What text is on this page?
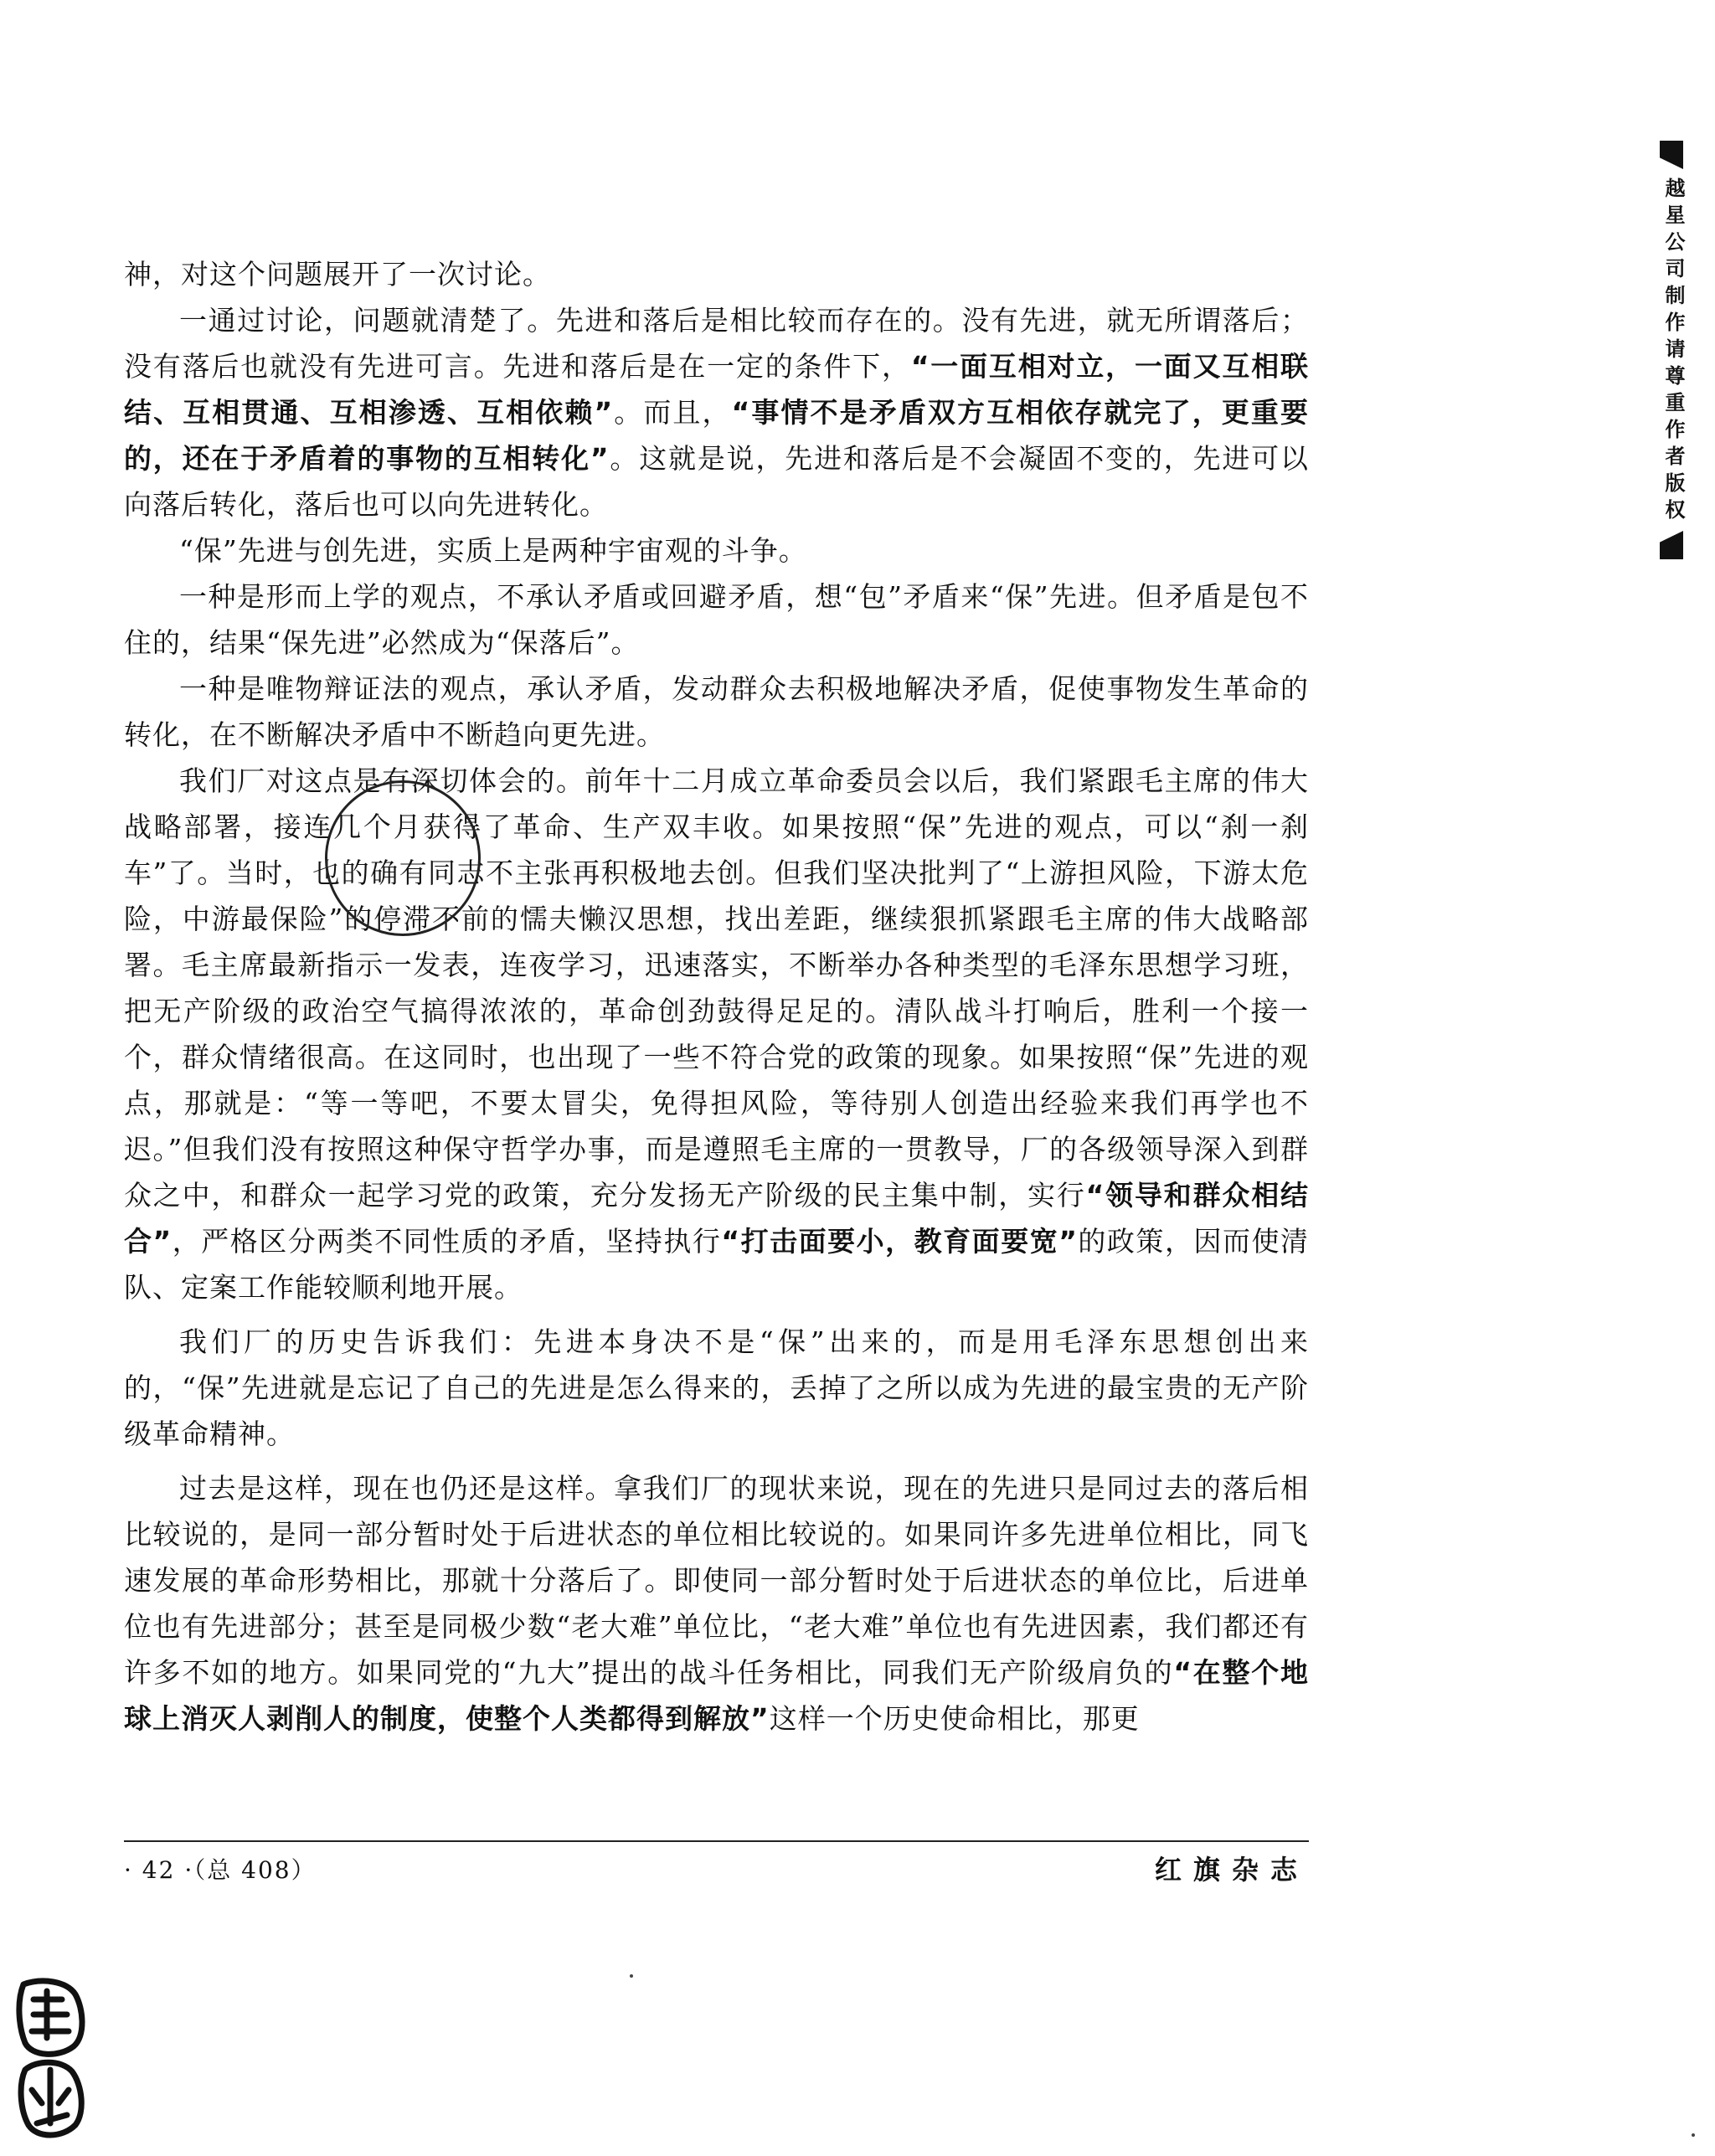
越星公司制作请尊重作者版权

神，对这个问题展开了一次讨论。

一通过讨论，问题就清楚了。先进和落后是相比较而存在的。没有先进，就无所谓落后；没有落后也就没有先进可言。先进和落后是在一定的条件下，“一面互相对立，一面又互相联结、互相贯通、互相渗透、互相依赖”。而且，“事情不是矛盾双方互相依存就完了，更重要的，还在于矛盾着的事物的互相转化”。这就是说，先进和落后是不会凝固不变的，先进可以向落后转化，落后也可以向先进转化。

“保”先进与创先进，实质上是两种宇宙观的斗争。

一种是形而上学的观点，不承认矛盾或回避矛盾，想“包”矛盾来“保”先进。但矛盾是包不住的，结果“保先进”必然成为“保落后”。

一种是唯物辩证法的观点，承认矛盾，发动群众去积极地解决矛盾，促使事物发生革命的转化，在不断解决矛盾中不断趋向更先进。

我们厂对这点是有深切体会的。前年十二月成立革命委员会以后，我们紧跟毛主席的伟大战略部署，接连几个月获得了革命、生产双丰收。如果按照“保”先进的观点，可以“刹一刹车”了。当时，也的确有同志不主张再积极地去创。但我们坚决批判了“上游担风险，下游太危险，中游最保险”的停滞不前的懦夫懒汉思想，找出差距，继续狠抓紧跟毛主席的伟大战略部署。毛主席最新指示一发表，连夜学习，迅速落实，不断举办各种类型的毛泽东思想学习班，把无产阶级的政治空气搞得浓浓的，革命创劲鼓得足足的。清队战斗打响后，胜利一个接一个，群众情绪很高。在这同时，也出现了一些不符合党的政策的现象。如果按照“保”先进的观点，那就是：“等一等吧，不要太冒尖，免得担风险，等待别人创造出经验来我们再学也不迟。”但我们没有按照这种保守哲学办事，而是遵照毛主席的一贯教导，厂的各级领导深入到群众之中，和群众一起学习党的政策，充分发扬无产阶级的民主集中制，实行“领导和群众相结合”，严格区分两类不同性质的矛盾，坚持执行“打击面要小，教育面要宽”的政策，因而使清队、定案工作能较顺利地开展。

我们厂的历史告诉我们：先进本身决不是“保”出来的，而是用毛泽东思想创出来的，“保”先进就是忘记了自己的先进是怎么得来的，丢掉了之所以成为先进的最宝贵的无产阶级革命精神。

过去是这样，现在也仍还是这样。拿我们厂的现状来说，现在的先进只是同过去的落后相比较说的，是同一部分暂时处于后进状态的单位相比较说的。如果同许多先进单位相比，同飞速发展的革命形势相比，那就十分落后了。即使同一部分暂时处于后进状态的单位比，后进单位也有先进部分；甚至是同极少数“老大难”单位比，“老大难”单位也有先进因素，我们都还有许多不如的地方。如果同党的“九大”提出的战斗任务相比，同我们无产阶级肩负的“在整个地球上消灭人剥削人的制度，使整个人类都得到解放”这样一个历史使命相比，那更

· 42 ·（总 408）	红旗杂志
